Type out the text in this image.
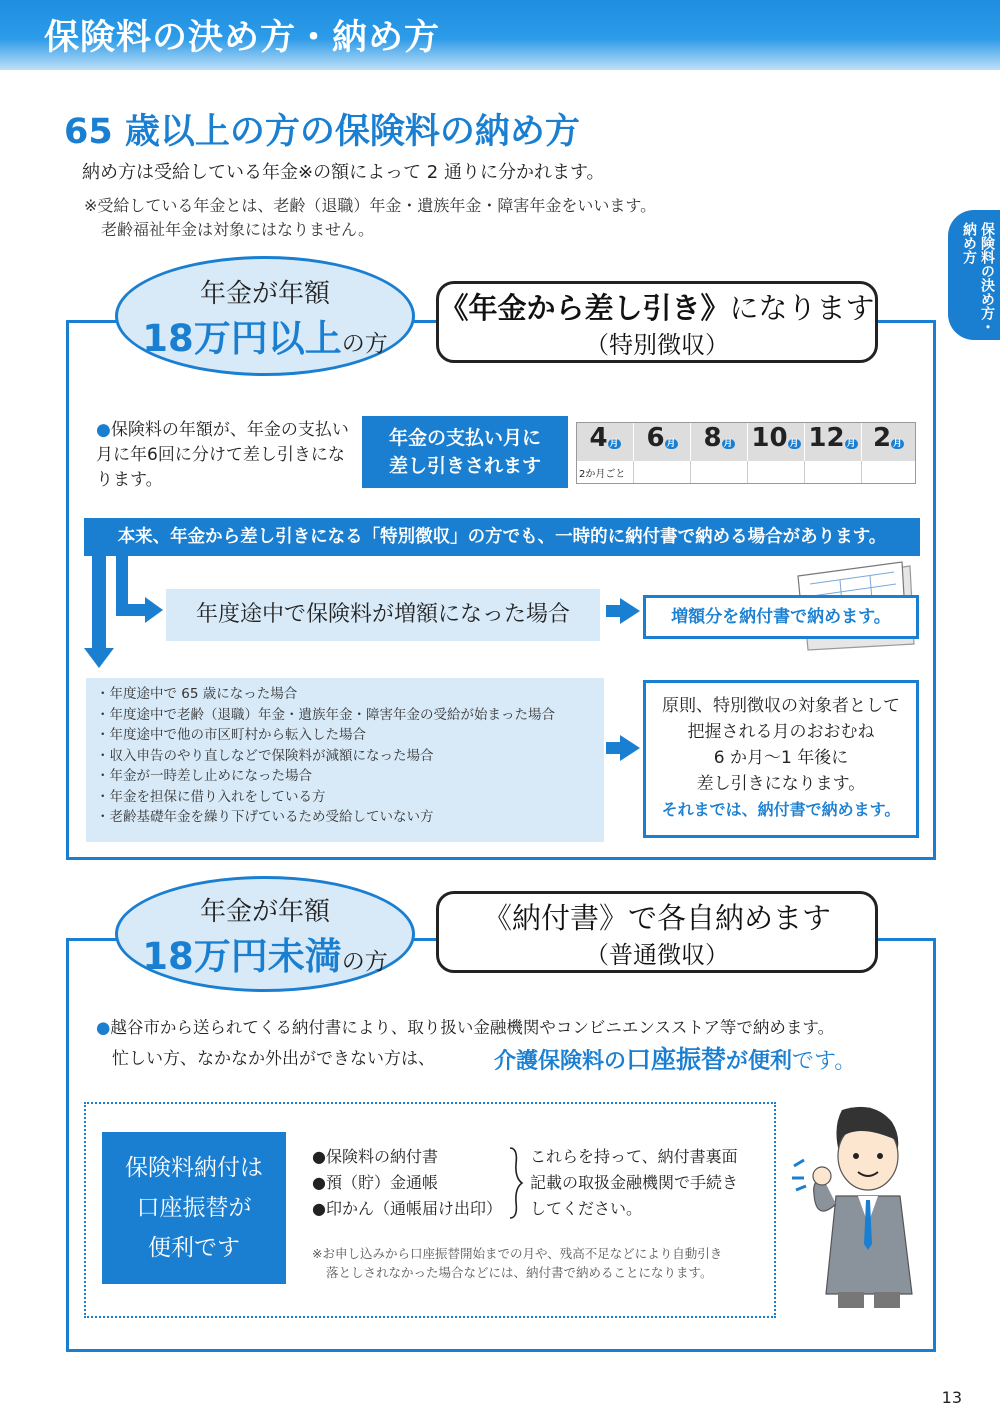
保険料の決め方・納め方
保険料の決め方・納め方
65 歳以上の方の保険料の納め方
納め方は受給している年金※の額によって 2 通りに分かれます。
※受給している年金とは、老齢（退職）年金・遺族年金・障害年金をいいます。
老齢福祉年金は対象にはなりません。
年金が年額
18万円以上の方
《年金から差し引き》になります
（特別徴収）
●保険料の年額が、年金の支払い月に年6回に分けて差し引きになります。
年金の支払い月に
差し引きされます
4 月	6 月	8 月 10 月 12 月 2 月
2か月ごと
本来、年金から差し引きになる「特別徴収」の方でも、一時的に納付書で納める場合があります。
年度途中で保険料が増額になった場合	増額分を納付書で納めます。
・年度途中で 65 歳になった場合
・年度途中で老齢（退職）年金・遺族年金・障害年金の受給が始まった場合
・年度途中で他の市区町村から転入した場合
・収入申告のやり直しなどで保険料が減額になった場合
・年金が一時差し止めになった場合
・年金を担保に借り入れをしている方
・老齢基礎年金を繰り下げているため受給していない方
原則、特別徴収の対象者として
把握される月のおおむね
6 か月〜1 年後に
差し引きになります。
それまでは、納付書で納めます。
年金が年額
18万円未満の方
《納付書》で各自納めます
（普通徴収）
●越谷市から送られてくる納付書により、取り扱い金融機関やコンビニエンスストア等で納めます。
忙しい方、なかなか外出ができない方は、	介護保険料の口座振替が便利です。
保険料納付は
口座振替が
便利です
●保険料の納付書
●預（貯）金通帳
●印かん（通帳届け出印）
これらを持って、納付書裏面
記載の取扱金融機関で手続き
してください。
※お申し込みから口座振替開始までの月や、残高不足などにより自動引き
落としされなかった場合などには、納付書で納めることになります。
13
